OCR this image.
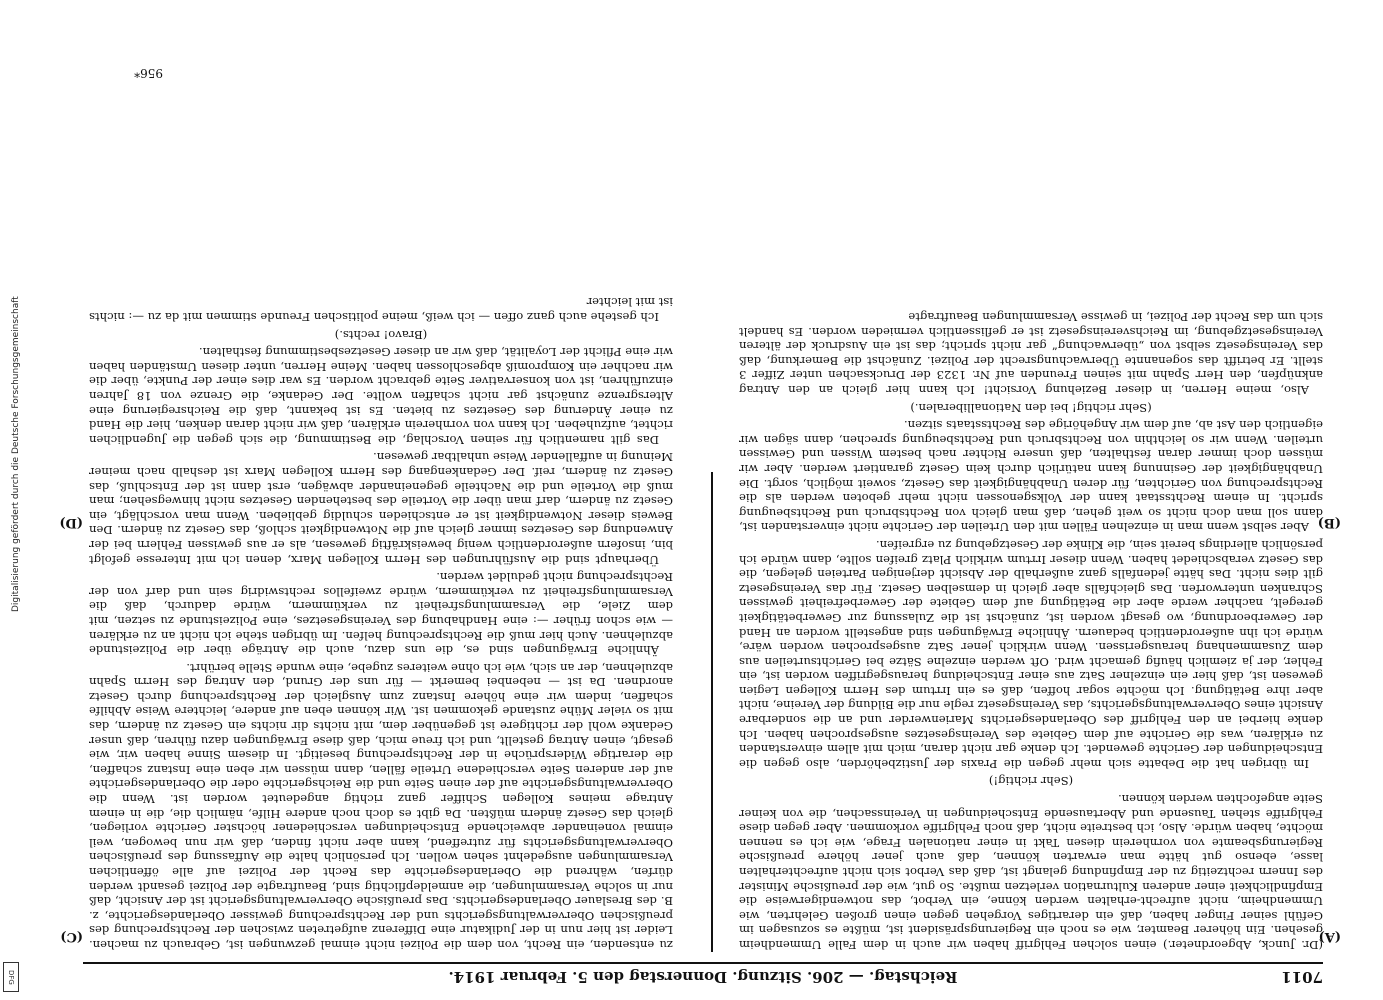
Digitalisierung gefördert durch die Deutsche Forschungsgemeinschaft
DFG	7011
Reichstag. — 206. Sitzung. Donnerstag den 5. Februar 1914.
(A)
(B)
(C)
(D)

(Dr. Junck, Abgeordneter.) einen solchen Fehlgriff haben wir auch in dem Falle Ummendheim gesehen. Ein höherer Beamter, wie es noch ein Regierungspräsident ist, müßte es sozusagen im Gefühl seiner Finger haben, daß ein derartiges Vorgehen gegen einen großen Gelehrten, wie Ummendheim, nicht aufrecht-erhalten werden könne, ein Verbot, das notwendigerweise die Empfindlichkeit einer anderen Kulturnation verletzen mußte. So gut, wie der preußische Minister des Innern rechtzeitig zu der Empfindung gelangt ist, daß das Verbot sich nicht aufrechterhalten lasse, ebenso gut hätte man erwarten können, daß auch jener höhere preußische Regierungsbeamte von vornherein diesen Takt in einer nationalen Frage, wie ich es nennen möchte, haben würde. Also, ich bestreite nicht, daß noch Fehlgriffe vorkommen. Aber gegen diese Fehlgriffe stehen Tausende und Abertausende Entscheidungen in Vereinssachen, die von keiner Seite angefochten werden können.

(Sehr richtig!)

Im übrigen hat die Debatte sich mehr gegen die Praxis der Justizbehörden, also gegen die Entscheidungen der Gerichte gewendet. Ich denke gar nicht daran, mich mit allem einverstanden zu erklären, was die Gerichte auf dem Gebiete des Vereinsgesetzes ausgesprochen haben. Ich denke hierbei an den Fehlgriff des Oberlandesgerichts Marienwerder und an die sonderbare Ansicht eines Oberverwaltungsgerichts, das Vereinsgesetz regle nur die Bildung der Vereine, nicht aber ihre Betätigung. Ich möchte sogar hoffen, daß es ein Irrtum des Herrn Kollegen Legien gewesen ist, daß hier ein einzelner Satz aus einer Entscheidung herausgegriffen worden ist, ein Fehler, der ja ziemlich häufig gemacht wird. Oft werden einzelne Sätze bei Gerichtsurteilen aus dem Zusammenhang herausgerissen. Wenn wirklich jener Satz ausgesprochen worden wäre, würde ich ihn außerordentlich bedauern. Ähnliche Erwägungen sind angestellt worden an Hand der Gewerbeordnung, wo gesagt worden ist, zunächst ist die Zulassung zur Gewerbetätigkeit geregelt, nachher werde aber die Betätigung auf dem Gebiete der Gewerbefreiheit gewissen Schranken unterworfen. Das gleichfalls aber gleich in demselben Gesetz. Für das Vereinsgesetz gilt dies nicht. Das hätte jedenfalls ganz außerhalb der Absicht derjenigen Parteien gelegen, die das Gesetz verabschiedet haben. Wenn dieser Irrtum wirklich Platz greifen sollte, dann würde ich persönlich allerdings bereit sein, die Klinke der Gesetzgebung zu ergreifen.

Aber selbst wenn man in einzelnen Fällen mit den Urteilen der Gerichte nicht einverstanden ist, dann soll man doch nicht so weit gehen, daß man gleich von Rechtsbruch und Rechtsbeugung spricht. In einem Rechtsstaat kann der Volksgenossen nicht mehr geboten werden als die Rechtsprechung von Gerichten, für deren Unabhängigkeit das Gesetz, soweit möglich, sorgt. Die Unabhängigkeit der Gesinnung kann natürlich durch kein Gesetz garantiert werden. Aber wir müssen doch immer daran festhalten, daß unsere Richter nach bestem Wissen und Gewissen urteilen. Wenn wir so leichthin von Rechtsbruch und Rechtsbeugung sprechen, dann sägen wir eigentlich den Ast ab, auf dem wir Angehörige des Rechtsstaats sitzen.

(Sehr richtig! bei den Nationalliberalen.)

Also, meine Herren, in dieser Beziehung Vorsicht! Ich kann hier gleich an den Antrag anknüpfen, den Herr Spahn mit seinen Freunden auf Nr. 1323 der Drucksachen unter Ziffer 3 stellt. Er betrifft das sogenannte Überwachungsrecht der Polizei. Zunächst die Bemerkung, daß das Vereinsgesetz selbst von „überwachung“ gar nicht spricht; das ist ein Ausdruck der älteren Vereinsgesetzgebung, im Reichsvereinsgesetz ist er geflissentlich vermieden worden. Es handelt sich um das Recht der Polizei, in gewisse Versammlungen Beauftragte

zu entsenden, ein Recht, von dem die Polizei nicht einmal gezwungen ist, Gebrauch zu machen. Leider ist hier nun in der Judikatur eine Differenz aufgetreten zwischen der Rechtsprechung des preußischen Oberverwaltungsgerichts und der Rechtsprechung gewisser Oberlandesgerichte, z. B. des Breslauer Oberlandesgerichts. Das preußische Oberverwaltungsgericht ist der Ansicht, daß nur in solche Versammlungen, die anmeldepflichtig sind, Beauftragte der Polizei gesandt werden dürfen, während die Oberlandesgerichte das Recht der Polizei auf alle öffentlichen Versammlungen ausgedehnt sehen wollen. Ich persönlich halte die Auffassung des preußischen Oberverwaltungsgerichts für zutreffend, kann aber nicht finden, daß wir nun bewogen, weil einmal voneinander abweichende Entscheidungen verschiedener höchster Gerichte vorliegen, gleich das Gesetz ändern müßten. Da gibt es doch noch andere Hilfe, nämlich die, die in einem Antrage meines Kollegen Schiffer ganz richtig angedeutet worden ist. Wenn die Oberverwaltungsgerichte auf der einen Seite und die Reichsgerichte oder die Oberlandesgerichte auf der anderen Seite verschiedene Urteile fällen, dann müssen wir eben eine Instanz schaffen, die derartige Widersprüche in der Rechtsprechung beseitigt. In diesem Sinne haben wir, wie gesagt, einen Antrag gestellt, und ich freue mich, daß diese Erwägungen dazu führen, daß unser Gedanke wohl der richtigere ist gegenüber dem, mit nichts dir nichts ein Gesetz zu ändern, das mit so vieler Mühe zustande gekommen ist. Wir können eben auf andere, leichtere Weise Abhilfe schaffen, indem wir eine höhere Instanz zum Ausgleich der Rechtsprechung durch Gesetz anordnen. Da ist — nebenbei bemerkt — für uns der Grund, den Antrag des Herrn Spahn abzulehnen, der an sich, wie ich ohne weiteres zugebe, eine wunde Stelle berührt.

Ähnliche Erwägungen sind es, die uns dazu, auch die Anträge über die Polizeistunde abzulehnen. Auch hier muß die Rechtsprechung helfen. Im übrigen stehe ich nicht an zu erklären — wie schon früher —: eine Handhabung des Vereinsgesetzes, eine Polizeistunde zu setzen, mit dem Ziele, die Versammlungsfreiheit zu verkümmern, würde dadurch, daß die Versammlungsfreiheit zu verkümmern, würde zweifellos rechtswidrig sein und darf von der Rechtsprechung nicht geduldet werden.

Überhaupt sind die Ausführungen des Herrn Kollegen Marx, denen ich mit Interesse gefolgt bin, insofern außerordentlich wenig beweiskräftig gewesen, als er aus gewissen Fehlern bei der Anwendung des Gesetzes immer gleich auf die Notwendigkeit schloß, das Gesetz zu ändern. Den Beweis dieser Notwendigkeit ist er entschieden schuldig geblieben. Wenn man vorschlägt, ein Gesetz zu ändern, darf man über die Vorteile des bestehenden Gesetzes nicht hinwegsehen; man muß die Vorteile und die Nachteile gegeneinander abwägen, erst dann ist der Entschluß, das Gesetz zu ändern, reif. Der Gedankengang des Herrn Kollegen Marx ist deshalb nach meiner Meinung in auffallender Weise unhaltbar gewesen.

Das gilt namentlich für seinen Vorschlag, die Bestimmung, die sich gegen die Jugendlichen richtet, aufzuheben. Ich kann von vornherein erklären, daß wir nicht daran denken, hier die Hand zu einer Änderung des Gesetzes zu bieten. Es ist bekannt, daß die Reichsregierung eine Altersgrenze zunächst gar nicht schaffen wollte. Der Gedanke, die Grenze von 18 Jahren einzuführen, ist von konservativer Seite gebracht worden. Es war dies einer der Punkte, über die wir nachher ein Kompromiß abgeschlossen haben. Meine Herren, unter diesen Umständen haben wir eine Pflicht der Loyalität, daß wir an dieser Gesetzesbestimmung festhalten.

(Bravo! rechts.)

Ich gestehe auch ganz offen — ich weiß, meine politischen Freunde stimmen mit da zu —: nichts ist mit leichter

956*
